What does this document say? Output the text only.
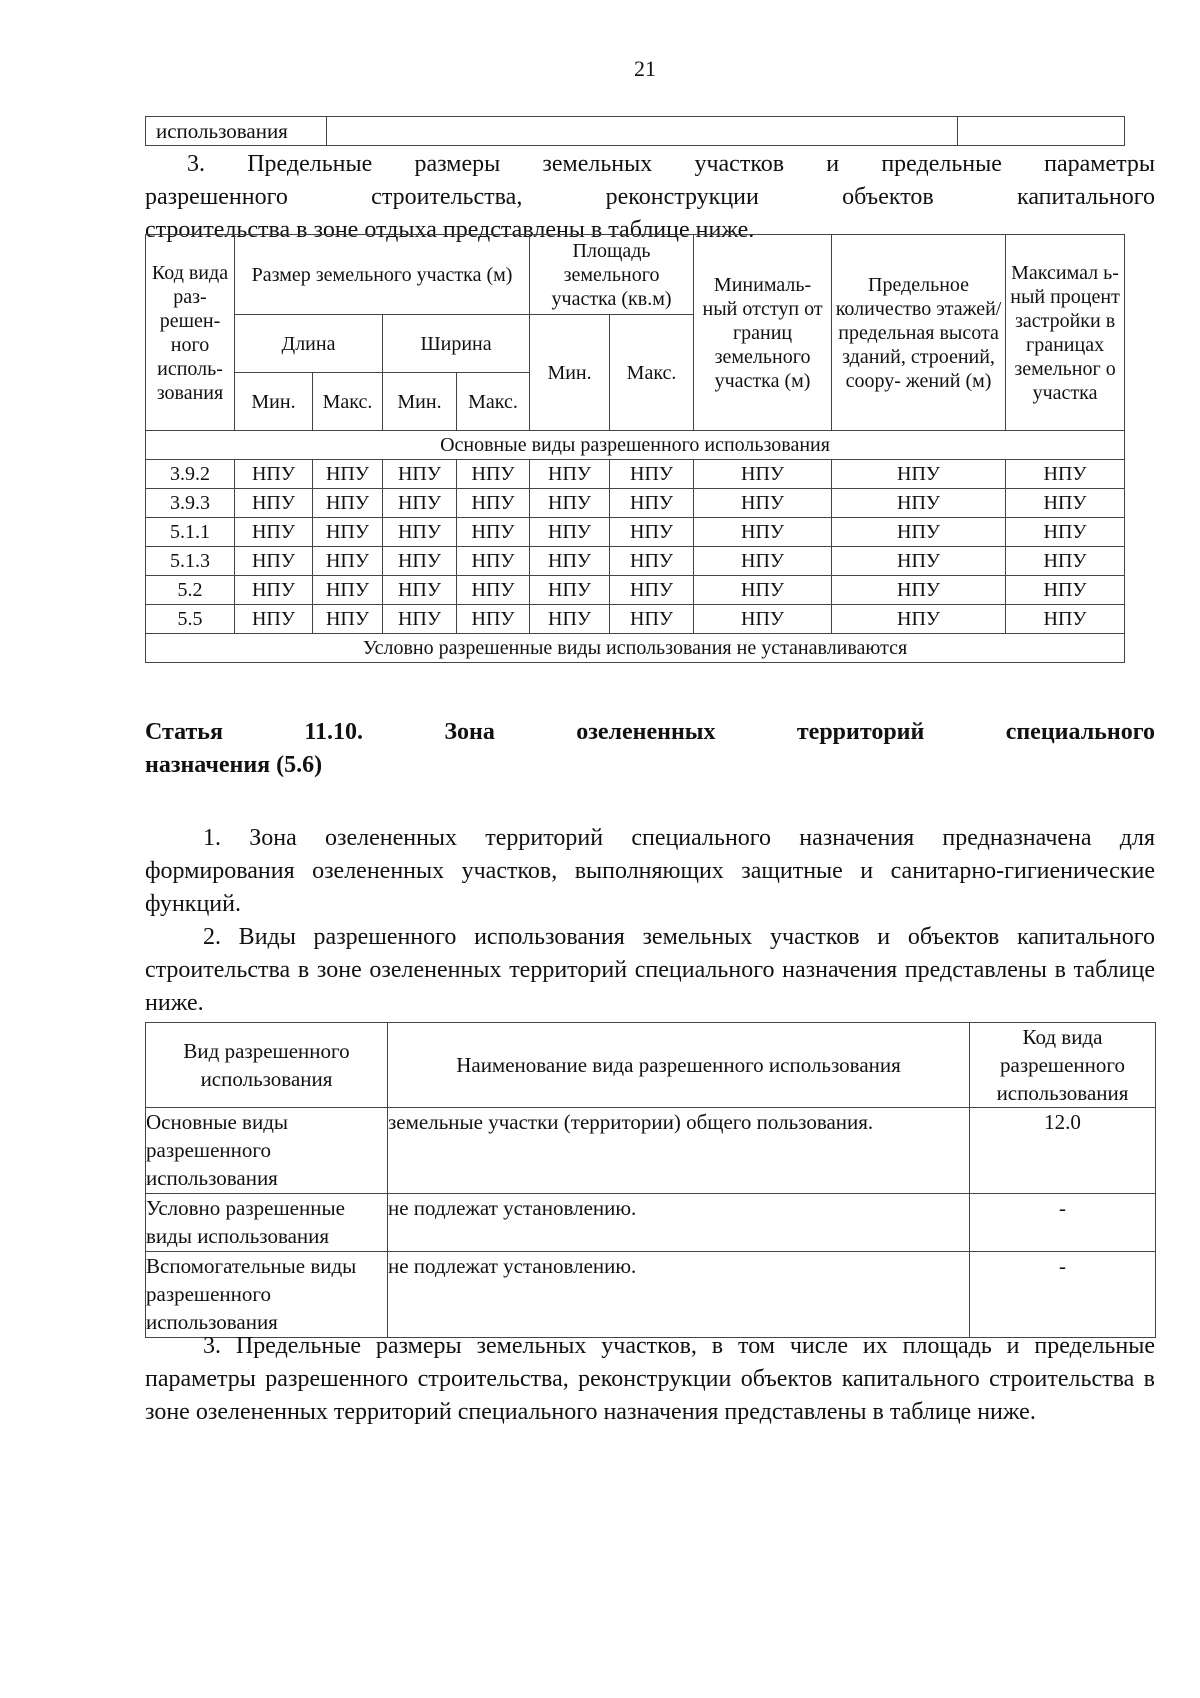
21
использования		
3. Предельные размеры земельных участков и предельные параметры
разрешенного строительства, реконструкции объектов капитального
строительства в зоне отдыха представлены в таблице ниже.
Код вида раз- решен- ного исполь- зования	Размер земельного участка (м)				Площадь земельного участка (кв.м)		Минималь- ный отступ от границ земельного участка (м)	Предельное количество этажей/ предельная высота зданий, строений, соору- жений (м)	Максимал ь-ный процент застройки в границах земельног о участка
	Длина		Ширина		Мин.	Макс.			
	Мин.	Макс.	Мин.	Макс.					
Основные виды разрешенного использования									
3.9.2	НПУ	НПУ	НПУ	НПУ	НПУ	НПУ	НПУ	НПУ	НПУ
3.9.3	НПУ	НПУ	НПУ	НПУ	НПУ	НПУ	НПУ	НПУ	НПУ
5.1.1	НПУ	НПУ	НПУ	НПУ	НПУ	НПУ	НПУ	НПУ	НПУ
5.1.3	НПУ	НПУ	НПУ	НПУ	НПУ	НПУ	НПУ	НПУ	НПУ
5.2	НПУ	НПУ	НПУ	НПУ	НПУ	НПУ	НПУ	НПУ	НПУ
5.5	НПУ	НПУ	НПУ	НПУ	НПУ	НПУ	НПУ	НПУ	НПУ
Условно разрешенные виды использования не устанавливаются									
Статья 11.10. Зона озелененных территорий специального
назначения (5.6)
1. Зона озелененных территорий специального назначения предназначена для формирования озелененных участков, выполняющих защитные и санитарно-гигиенические функций.
2. Виды разрешенного использования земельных участков и объектов капитального строительства в зоне озелененных территорий специального назначения представлены в таблице ниже.
Вид разрешенного использования	Наименование вида разрешенного использования	Код вида разрешенного использования
Основные виды разрешенного использования	земельные участки (территории) общего пользования.	12.0
Условно разрешенные виды использования	не подлежат установлению.	-
Вспомогательные виды разрешенного использования	не подлежат установлению.	-
3. Предельные размеры земельных участков, в том числе их площадь и предельные параметры разрешенного строительства, реконструкции объектов капитального строительства в зоне озелененных территорий специального назначения представлены в таблице ниже.
